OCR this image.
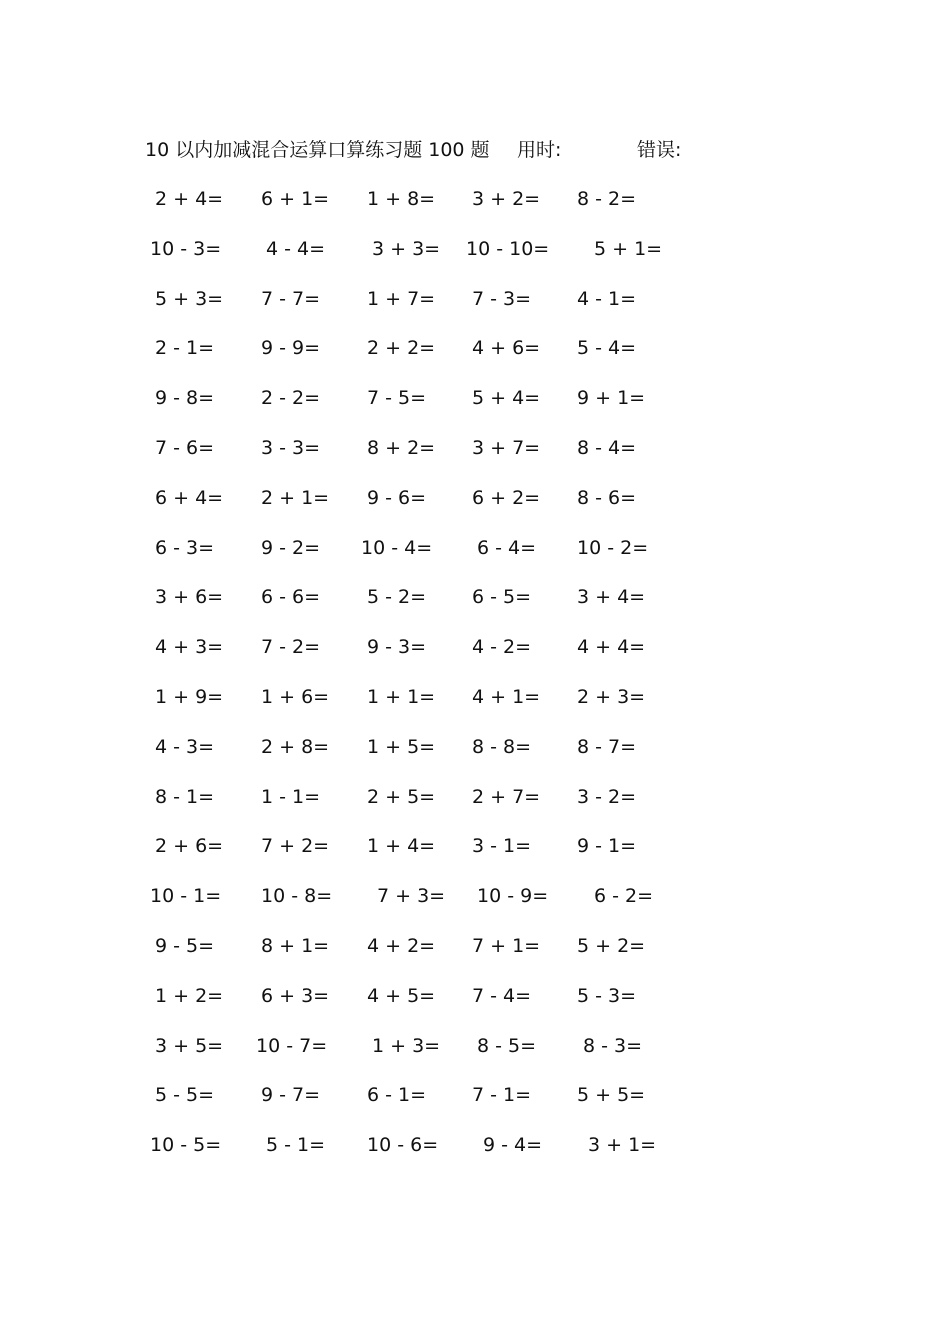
10 以内加减混合运算口算练习题 100 题 用时:	错误:
2 + 4= 6 + 1= 1 + 8= 3 + 2= 8 - 2=
10 - 3= 4 - 4= 3 + 3= 10 - 10= 5 + 1=
5 + 3= 7 - 7= 1 + 7= 7 - 3= 4 - 1=
2 - 1= 9 - 9= 2 + 2= 4 + 6= 5 - 4=
9 - 8= 2 - 2= 7 - 5= 5 + 4= 9 + 1=
7 - 6= 3 - 3= 8 + 2= 3 + 7= 8 - 4=
6 + 4= 2 + 1= 9 - 6= 6 + 2= 8 - 6=
6 - 3= 9 - 2= 10 - 4= 6 - 4= 10 - 2=
3 + 6= 6 - 6= 5 - 2= 6 - 5= 3 + 4=
4 + 3= 7 - 2= 9 - 3= 4 - 2= 4 + 4=
1 + 9= 1 + 6= 1 + 1= 4 + 1= 2 + 3=
4 - 3= 2 + 8= 1 + 5= 8 - 8= 8 - 7=
8 - 1= 1 - 1= 2 + 5= 2 + 7= 3 - 2=
2 + 6= 7 + 2= 1 + 4= 3 - 1= 9 - 1=
10 - 1= 10 - 8= 7 + 3= 10 - 9= 6 - 2=
9 - 5= 8 + 1= 4 + 2= 7 + 1= 5 + 2=
1 + 2= 6 + 3= 4 + 5= 7 - 4= 5 - 3=
3 + 5= 10 - 7= 1 + 3= 8 - 5= 8 - 3=
5 - 5= 9 - 7= 6 - 1= 7 - 1= 5 + 5=
10 - 5= 5 - 1= 10 - 6= 9 - 4= 3 + 1=
